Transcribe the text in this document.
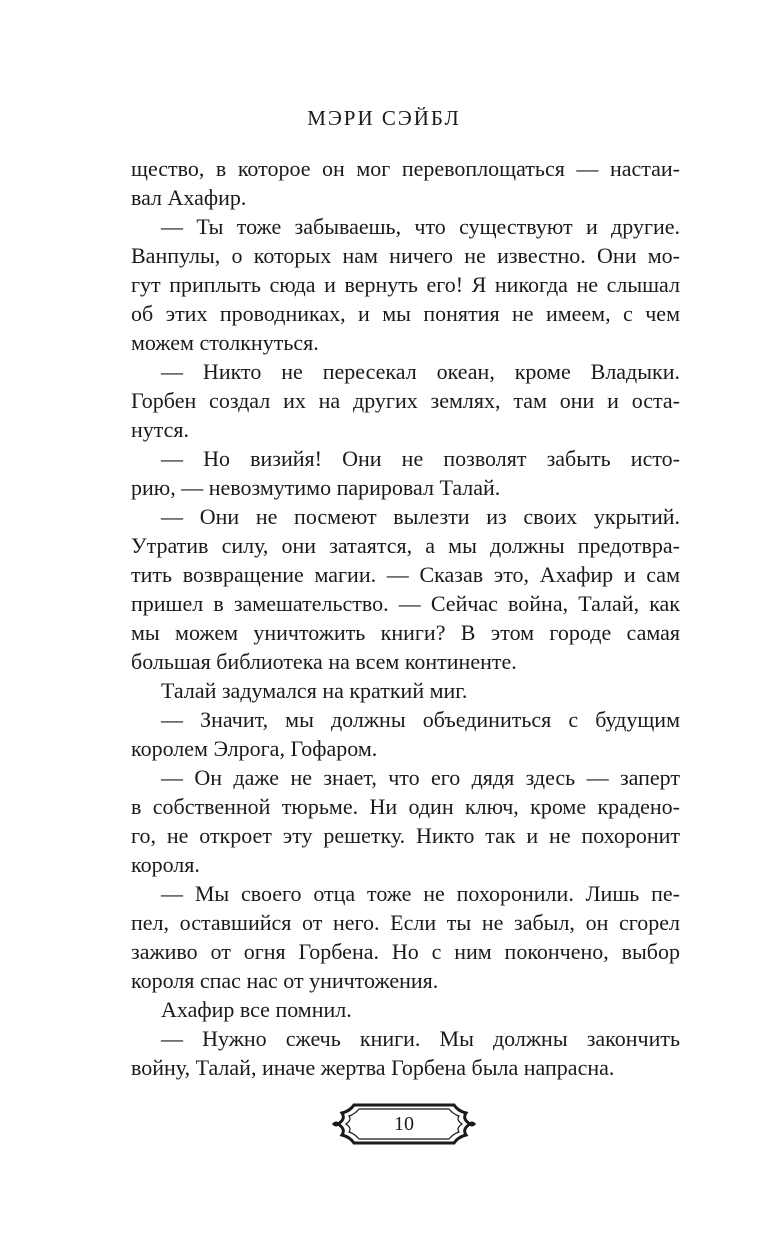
МЭРИ СЭЙБЛ
щество, в которое он мог перевоплощаться — настаи-
вал Ахафир.
— Ты тоже забываешь, что существуют и другие.
Ванпулы, о которых нам ничего не известно. Они мо-
гут приплыть сюда и вернуть его! Я никогда не слышал
об этих проводниках, и мы понятия не имеем, с чем
можем столкнуться.
— Никто не пересекал океан, кроме Владыки.
Горбен создал их на других землях, там они и оста-
нутся.
— Но визийя! Они не позволят забыть исто-
рию, — невозмутимо парировал Талай.
— Они не посмеют вылезти из своих укрытий.
Утратив силу, они затаятся, а мы должны предотвра-
тить возвращение магии. — Сказав это, Ахафир и сам
пришел в замешательство. — Сейчас война, Талай, как
мы можем уничтожить книги? В этом городе самая
большая библиотека на всем континенте.
Талай задумался на краткий миг.
— Значит, мы должны объединиться с будущим
королем Элрога, Гофаром.
— Он даже не знает, что его дядя здесь — заперт
в собственной тюрьме. Ни один ключ, кроме краденo-
го, не откроет эту решетку. Никто так и не похоронит
короля.
— Мы своего отца тоже не похоронили. Лишь пе-
пел, оставшийся от него. Если ты не забыл, он сгорел
заживо от огня Горбена. Но с ним покончено, выбор
короля спас нас от уничтожения.
Ахафир все помнил.
— Нужно сжечь книги. Мы должны закончить
войну, Талай, иначе жертва Горбена была напрасна.
10
